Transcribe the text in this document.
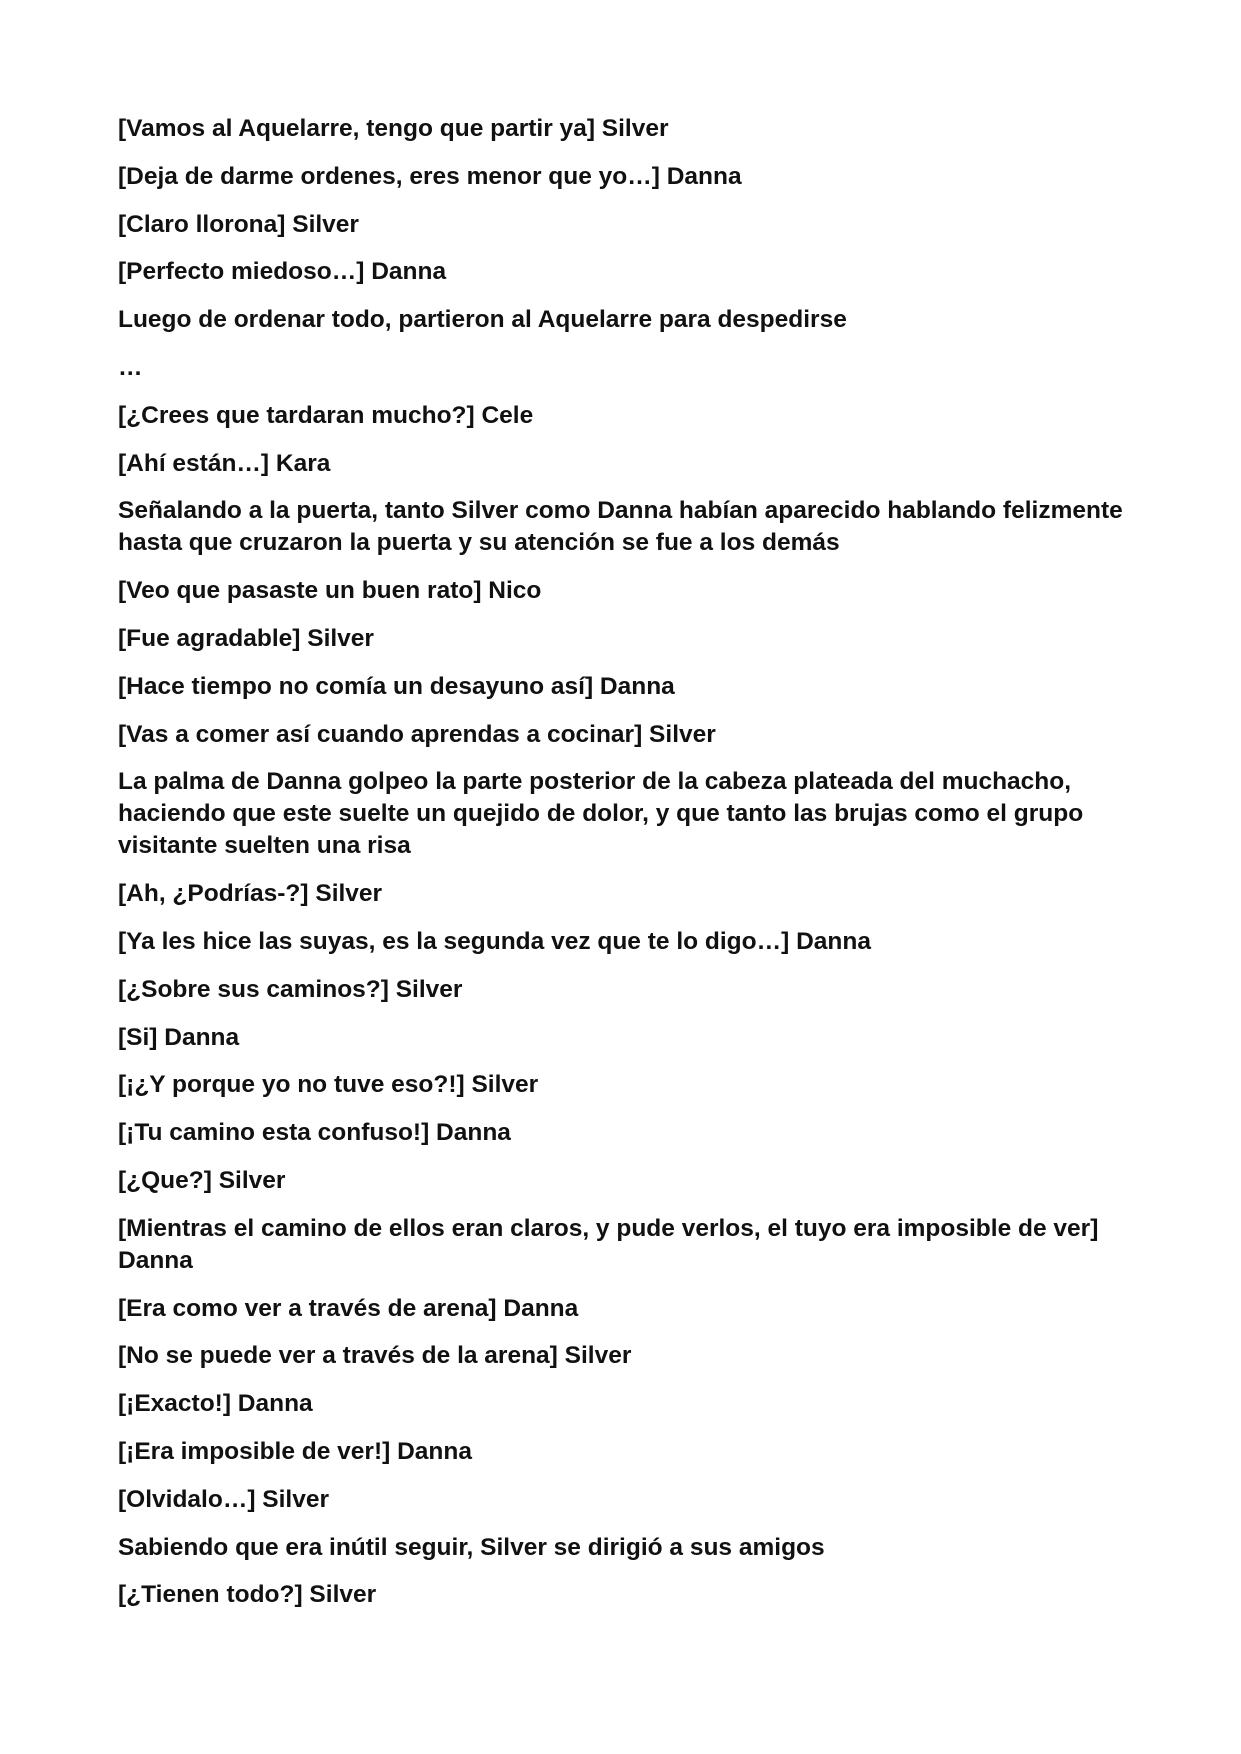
[Vamos al Aquelarre, tengo que partir ya] Silver

[Deja de darme ordenes, eres menor que yo…] Danna

[Claro llorona] Silver

[Perfecto miedoso…] Danna

Luego de ordenar todo, partieron al Aquelarre para despedirse

…

[¿Crees que tardaran mucho?] Cele

[Ahí están…] Kara

Señalando a la puerta, tanto Silver como Danna habían aparecido hablando felizmente hasta que cruzaron la puerta y su atención se fue a los demás

[Veo que pasaste un buen rato] Nico

[Fue agradable] Silver

[Hace tiempo no comía un desayuno así] Danna

[Vas a comer así cuando aprendas a cocinar] Silver

La palma de Danna golpeo la parte posterior de la cabeza plateada del muchacho, haciendo que este suelte un quejido de dolor, y que tanto las brujas como el grupo visitante suelten una risa

[Ah, ¿Podrías-?] Silver

[Ya les hice las suyas, es la segunda vez que te lo digo…] Danna

[¿Sobre sus caminos?] Silver

[Si] Danna

[¡¿Y porque yo no tuve eso?!] Silver

[¡Tu camino esta confuso!] Danna

[¿Que?] Silver

[Mientras el camino de ellos eran claros, y pude verlos, el tuyo era imposible de ver] Danna

[Era como ver a través de arena] Danna

[No se puede ver a través de la arena] Silver

[¡Exacto!] Danna

[¡Era imposible de ver!] Danna

[Olvidalo…] Silver

Sabiendo que era inútil seguir, Silver se dirigió a sus amigos

[¿Tienen todo?] Silver
